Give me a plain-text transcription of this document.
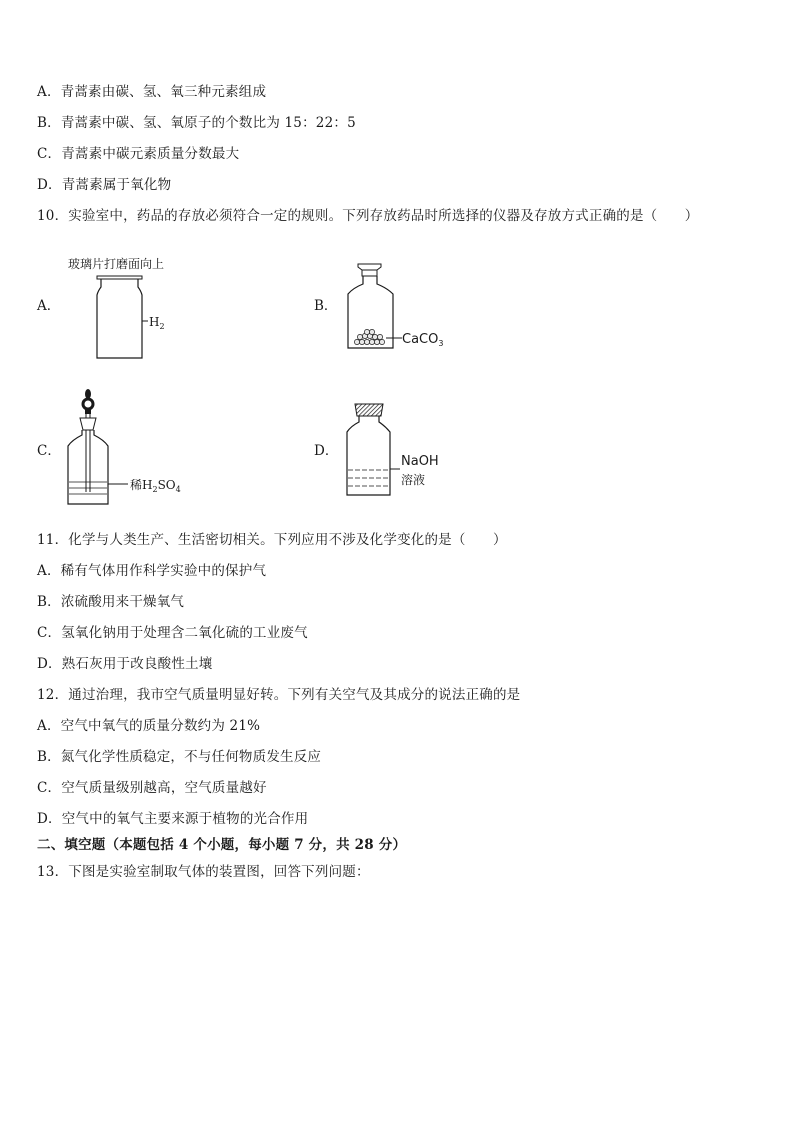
A．青蒿素由碳、氢、氧三种元素组成
B．青蒿素中碳、氢、氧原子的个数比为 15：22：5
C．青蒿素中碳元素质量分数最大
D．青蒿素属于氧化物
10．实验室中，药品的存放必须符合一定的规则。下列存放药品时所选择的仪器及存放方式正确的是（　　）
A．
玻璃片打磨面向上
$H_2$
B．
CaCO$_3$
C．
稀$H_2SO_4$
D．
NaOH
溶液
11．化学与人类生产、生活密切相关。下列应用不涉及化学变化的是（　　）
A．稀有气体用作科学实验中的保护气
B．浓硫酸用来干燥氧气
C．氢氧化钠用于处理含二氧化硫的工业废气
D．熟石灰用于改良酸性土壤
12．通过治理，我市空气质量明显好转。下列有关空气及其成分的说法正确的是
A．空气中氧气的质量分数约为 21%
B．氮气化学性质稳定，不与任何物质发生反应
C．空气质量级别越高，空气质量越好
D．空气中的氧气主要来源于植物的光合作用
二、填空题（本题包括 4 个小题，每小题 7 分，共 28 分）
13．下图是实验室制取气体的装置图，回答下列问题：
